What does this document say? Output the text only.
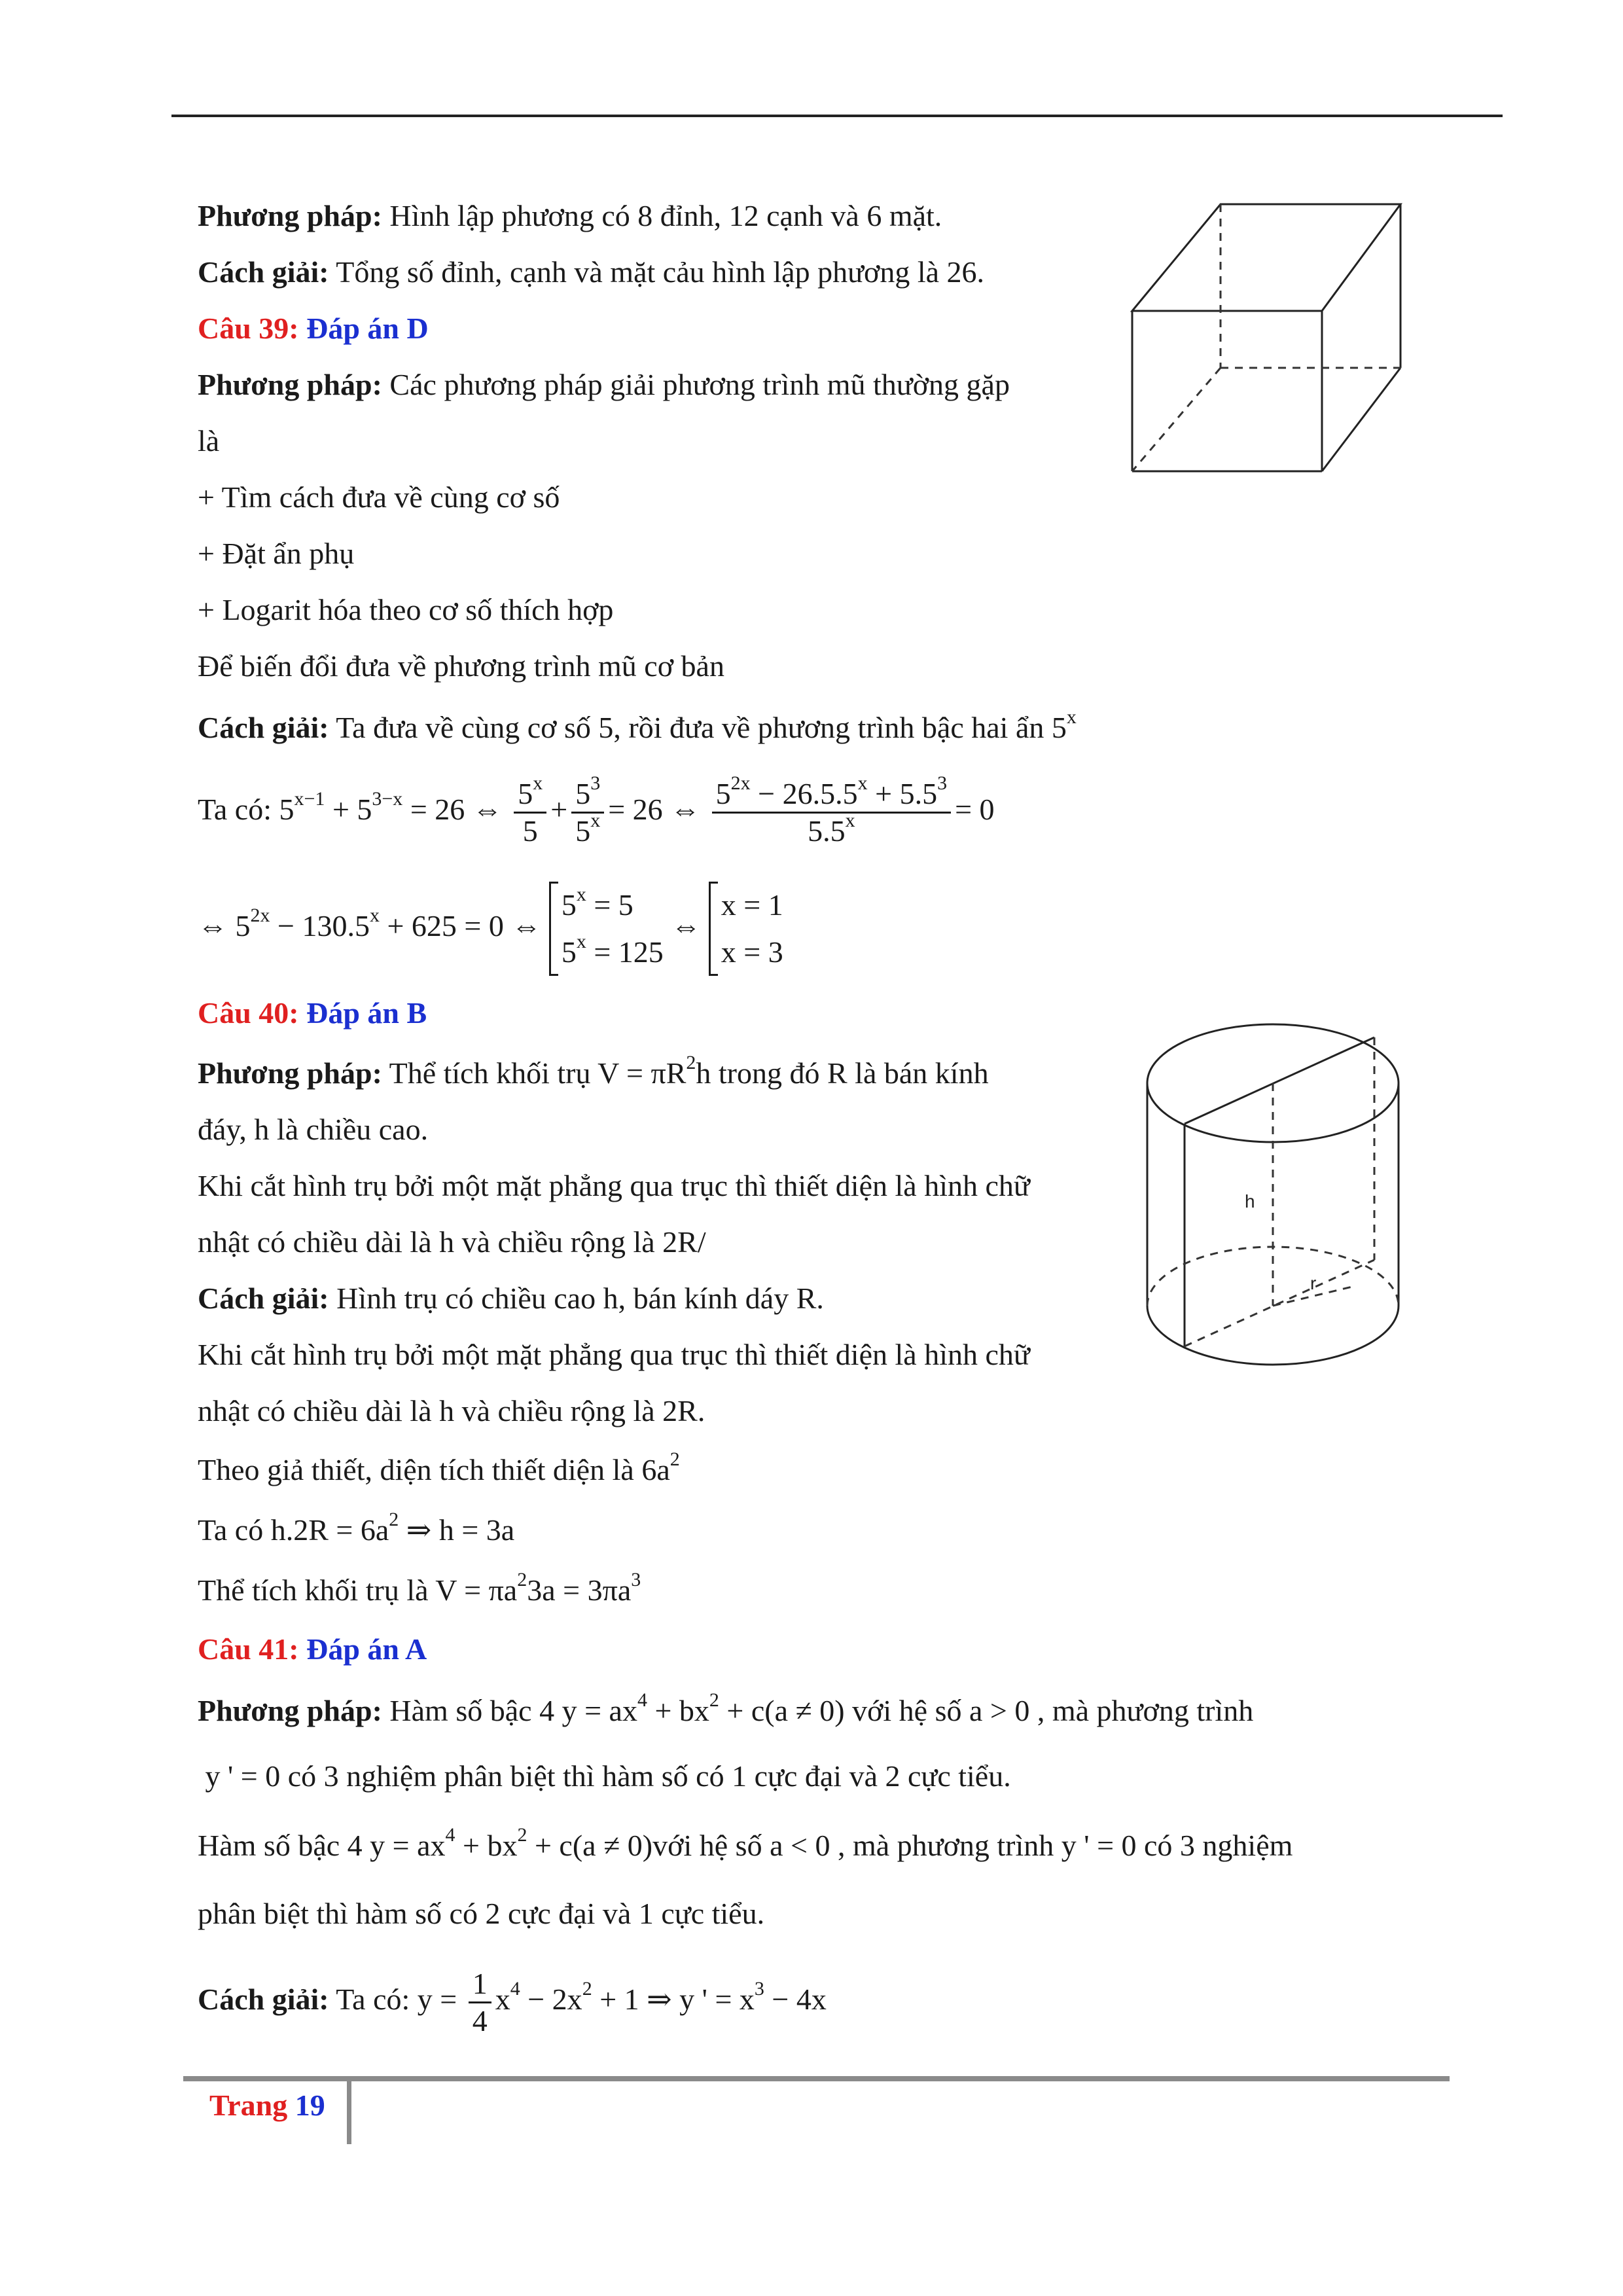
Phương pháp: Hình lập phương có 8 đỉnh, 12 cạnh và 6 mặt.
Cách giải: Tổng số đỉnh, cạnh và mặt cảu hình lập phương là 26.
Câu 39: Đáp án D
Phương pháp: Các phương pháp giải phương trình mũ thường gặp
là
+ Tìm cách đưa về cùng cơ số
+ Đặt ẩn phụ
+ Logarit hóa theo cơ số thích hợp
Để biến đổi đưa về phương trình mũ cơ bản
Cách giải: Ta đưa về cùng cơ số 5, rồi đưa về phương trình bậc hai ẩn 5$^x$
Ta có: $5^{x-1} + 5^{3-x} = 26$ ⇔ $\frac{5^x}{5} + \frac{5^3}{5^x} = 26$ ⇔ $\frac{5^{2x} - 26.5.5^x + 5.5^3}{5.5^x} = 0$
⇔ $5^{2x} - 130.5^x + 625 = 0$ ⇔
$5^x = 5$
$5^x = 125$
⇔
x = 1
x = 3
Câu 40: Đáp án B
Phương pháp: Thể tích khối trụ $V = \pi R^2h$ trong đó R là bán kính
đáy, h là chiều cao.
Khi cắt hình trụ bởi một mặt phẳng qua trục thì thiết diện là hình chữ
nhật có chiều dài là h và chiều rộng là 2R/
Cách giải: Hình trụ có chiều cao h, bán kính dáy R.
Khi cắt hình trụ bởi một mặt phẳng qua trục thì thiết diện là hình chữ
nhật có chiều dài là h và chiều rộng là 2R.
Theo giả thiết, diện tích thiết diện là $6a^2$
Ta có $h.2R = 6a^2$ ⇒ h = 3a
Thể tích khối trụ là $V = \pi a^23a = 3\pi a^3$
h
r
Câu 41: Đáp án A
Phương pháp: Hàm số bậc 4 $y = ax^4 + bx^2 + c(a \ne 0)$ với hệ số a > 0 , mà phương trình
y ' = 0 có 3 nghiệm phân biệt thì hàm số có 1 cực đại và 2 cực tiểu.
Hàm số bậc 4 $y = ax^4 + bx^2 + c(a$ ≠ 0)với hệ số a < 0 , mà phương trình y ' = 0 có 3 nghiệm
phân biệt thì hàm số có 2 cực đại và 1 cực tiểu.
Cách giải: Ta có: $y = \frac{1}{4} x^4 - 2x^2 + 1$ ⇒ y ' = $x^3 - 4x$
Trang 19
